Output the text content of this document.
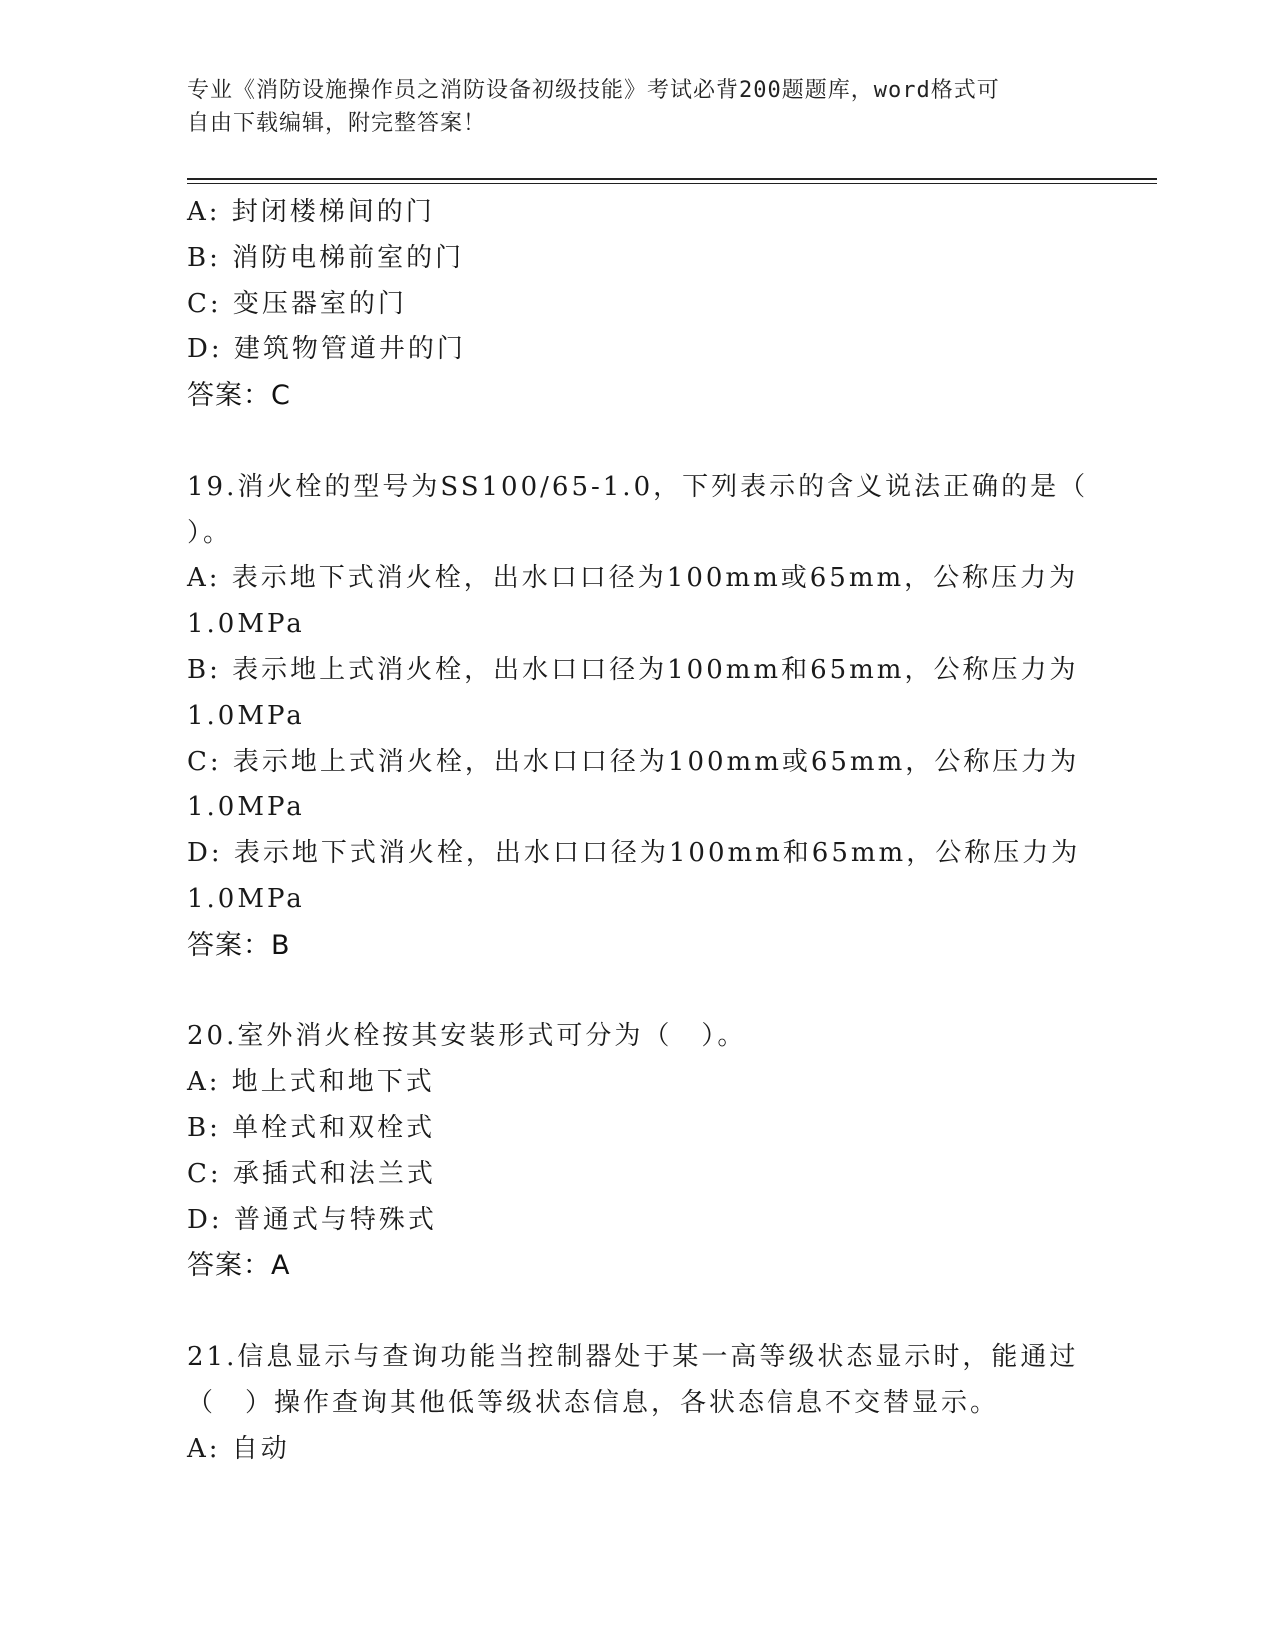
专业《消防设施操作员之消防设备初级技能》考试必背200题题库，word格式可
自由下载编辑，附完整答案！
A: 封闭楼梯间的门
B: 消防电梯前室的门
C: 变压器室的门
D: 建筑物管道井的门
答案：C
19.消火栓的型号为SS100/65-1.0，下列表示的含义说法正确的是（
）。
A: 表示地下式消火栓，出水口口径为100mm或65mm，公称压力为
1.0MPa
B: 表示地上式消火栓，出水口口径为100mm和65mm，公称压力为
1.0MPa
C: 表示地上式消火栓，出水口口径为100mm或65mm，公称压力为
1.0MPa
D: 表示地下式消火栓，出水口口径为100mm和65mm，公称压力为
1.0MPa
答案：B
20.室外消火栓按其安装形式可分为（　）。
A: 地上式和地下式
B: 单栓式和双栓式
C: 承插式和法兰式
D: 普通式与特殊式
答案：A
21.信息显示与查询功能当控制器处于某一高等级状态显示时，能通过
（　）操作查询其他低等级状态信息，各状态信息不交替显示。
A: 自动
